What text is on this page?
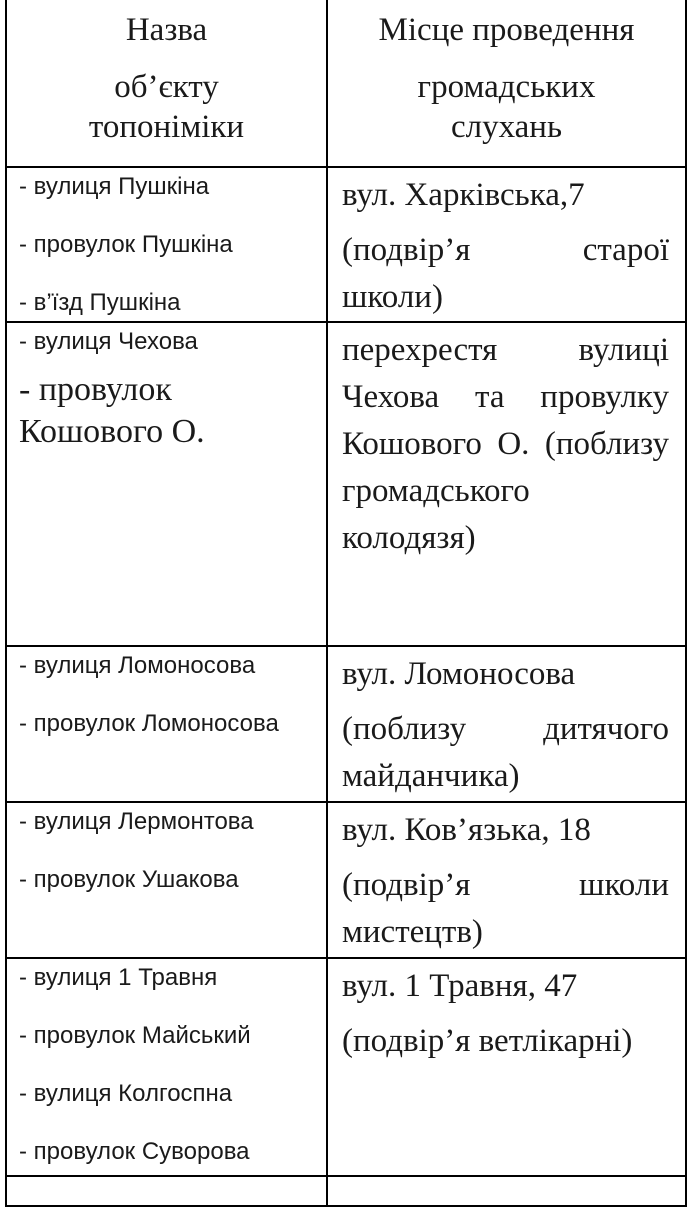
Назва
об’єкту
топоніміки	Місце проведення
громадських
слухань

- вулиця Пушкіна
- провулок Пушкіна
- в’їзд Пушкіна	вул. Харківська,7
(подвір’я старої школи)

- вулиця Чехова
- провулок Кошового О.	перехрестя вулиці Чехова та провулку Кошового О. (поблизу громадського колодязя)

- вулиця Ломоносова
- провулок Ломоносова	вул. Ломоносова
(поблизу дитячого майданчика)

- вулиця Лермонтова
- провулок Ушакова	вул. Ков’язька, 18
(подвір’я школи мистецтв)

- вулиця 1 Травня
- провулок Майський
- вулиця Колгоспна
- провулок Суворова	вул. 1 Травня, 47
(подвір’я ветлікарні)
